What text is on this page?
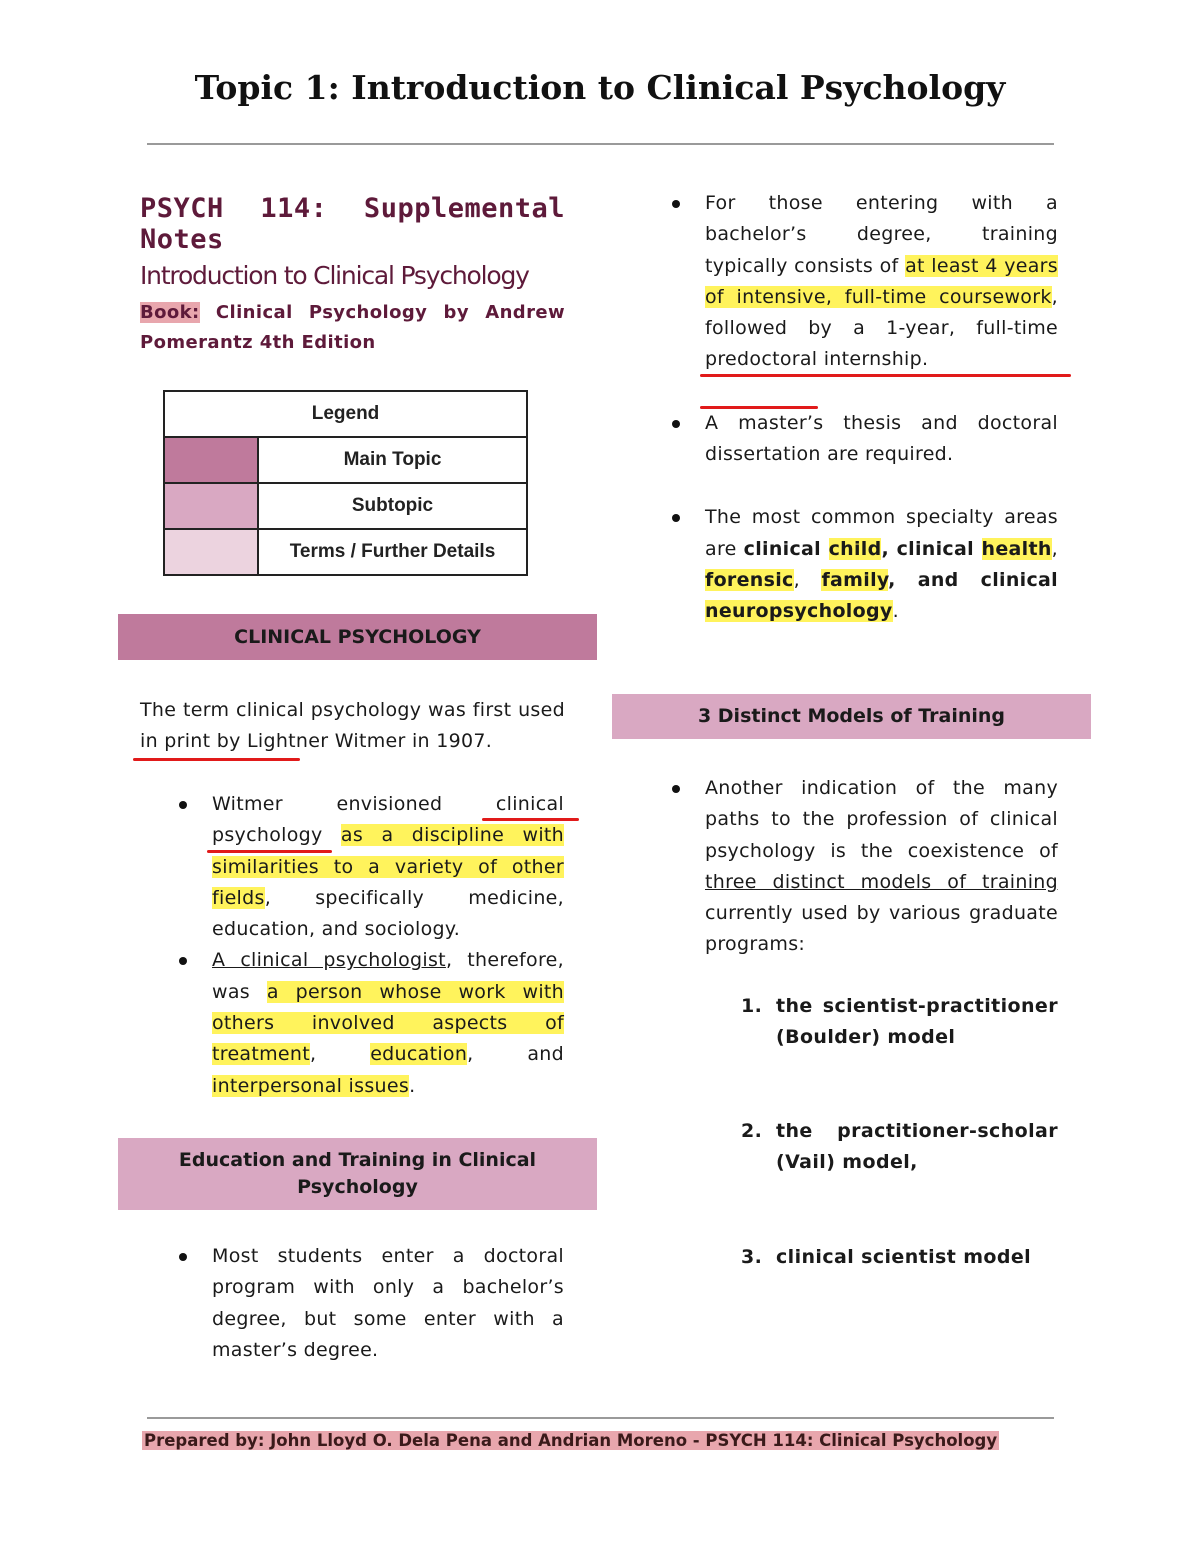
Topic 1: Introduction to Clinical Psychology
PSYCH 114: Supplemental Notes
Introduction to Clinical Psychology
Book: Clinical Psychology by Andrew Pomerantz 4th Edition
Legend	
	Main Topic
	Subtopic
	Terms / Further Details
CLINICAL PSYCHOLOGY
The term clinical psychology was first used in print by Lightner Witmer in 1907.
Witmer envisioned clinical psychology as a discipline with similarities to a variety of other fields, specifically medicine, education, and sociology.
A clinical psychologist, therefore, was a person whose work with others involved aspects of treatment, education, and interpersonal issues.
Education and Training in Clinical Psychology
Most students enter a doctoral program with only a bachelor’s degree, but some enter with a master’s degree.
For those entering with a bachelor’s degree, training typically consists of at least 4 years of intensive, full-time coursework, followed by a 1-year, full-time predoctoral internship.
A master’s thesis and doctoral dissertation are required.
The most common specialty areas are clinical child, clinical health, forensic, family, and clinical neuropsychology.
3 Distinct Models of Training
Another indication of the many paths to the profession of clinical psychology is the coexistence of three distinct models of training currently used by various graduate programs:
1. the scientist-practitioner (Boulder) model
2. the practitioner-scholar (Vail) model,
3. clinical scientist model
Prepared by: John Lloyd O. Dela Pena and Andrian Moreno - PSYCH 114: Clinical Psychology
